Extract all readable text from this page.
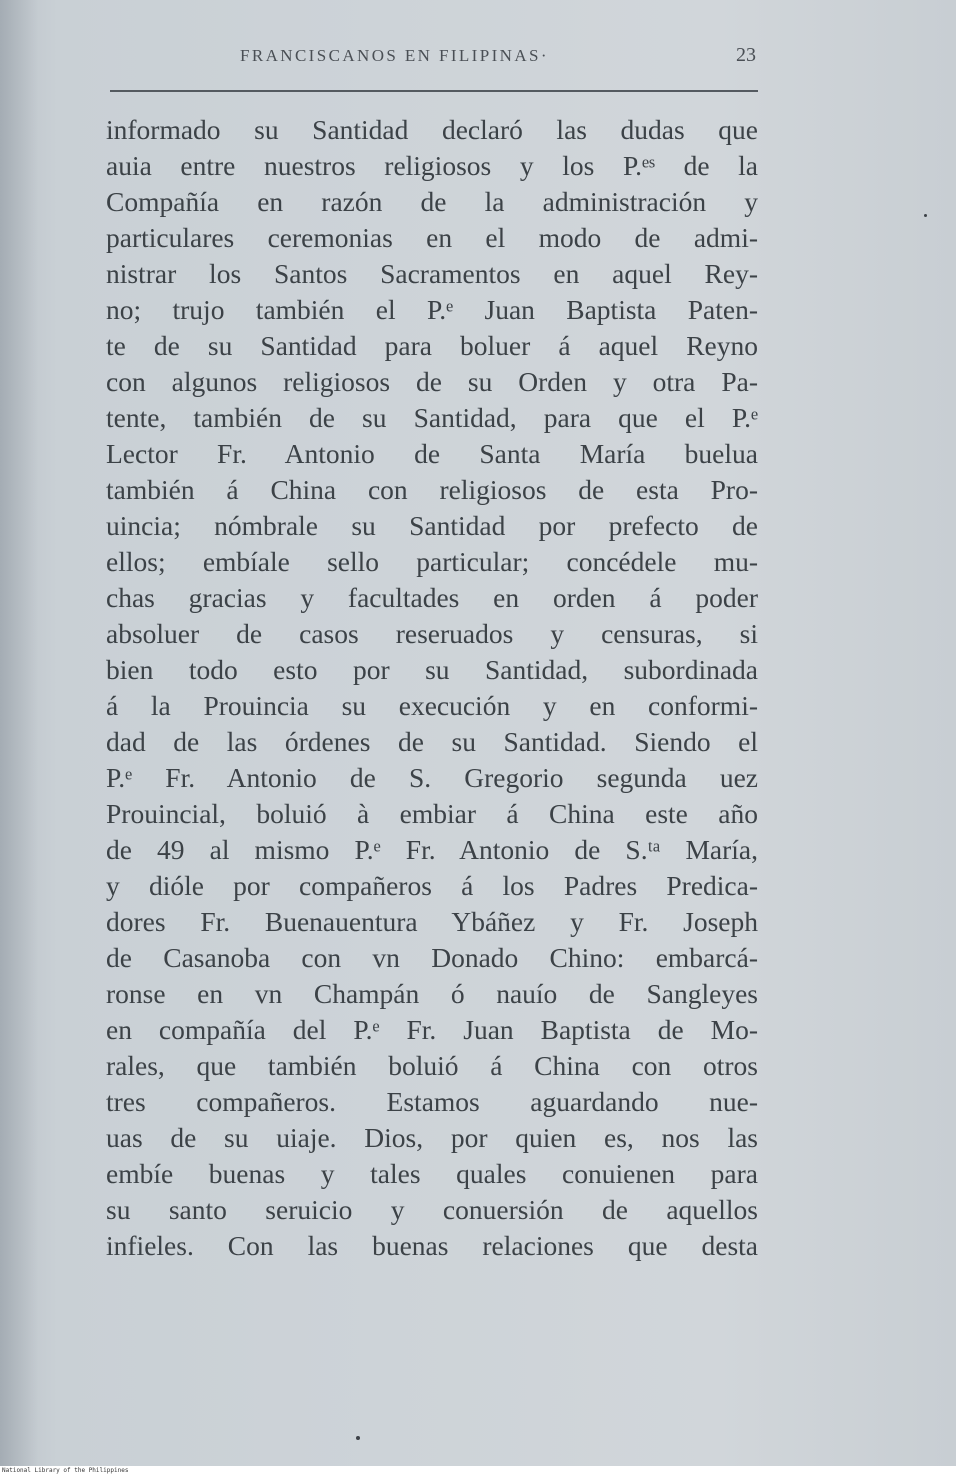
FRANCISCANOS EN FILIPINAS·	23
informado su Santidad declaró las dudas que
auia entre nuestros religiosos y los P.ᵉˢ de la
Compañía en razón de la administración y
particulares ceremonias en el modo de admi-
nistrar los Santos Sacramentos en aquel Rey-
no; trujo también el P.ᵉ Juan Baptista Paten-
te de su Santidad para boluer á aquel Reyno
con algunos religiosos de su Orden y otra Pa-
tente, también de su Santidad, para que el P.ᵉ
Lector Fr. Antonio de Santa María buelua
también á China con religiosos de esta Pro-
uincia; nómbrale su Santidad por prefecto de
ellos; embíale sello particular; concédele mu-
chas gracias y facultades en orden á poder
absoluer de casos reseruados y censuras, si
bien todo esto por su Santidad, subordinada
á la Prouincia su execución y en conformi-
dad de las órdenes de su Santidad. Siendo el
P.ᵉ Fr. Antonio de S. Gregorio segunda uez
Prouincial, boluió à embiar á China este año
de 49 al mismo P.ᵉ Fr. Antonio de S.ᵗᵃ María,
y dióle por compañeros á los Padres Predica-
dores Fr. Buenauentura Ybáñez y Fr. Joseph
de Casanoba con vn Donado Chino: embarcá-
ronse en vn Champán ó nauío de Sangleyes
en compañía del P.ᵉ Fr. Juan Baptista de Mo-
rales, que también boluió á China con otros
tres compañeros. Estamos aguardando nue-
uas de su uiaje. Dios, por quien es, nos las
embíe buenas y tales quales conuienen para
su santo seruicio y conuersión de aquellos
infieles. Con las buenas relaciones que desta
National Library of the Philippines
